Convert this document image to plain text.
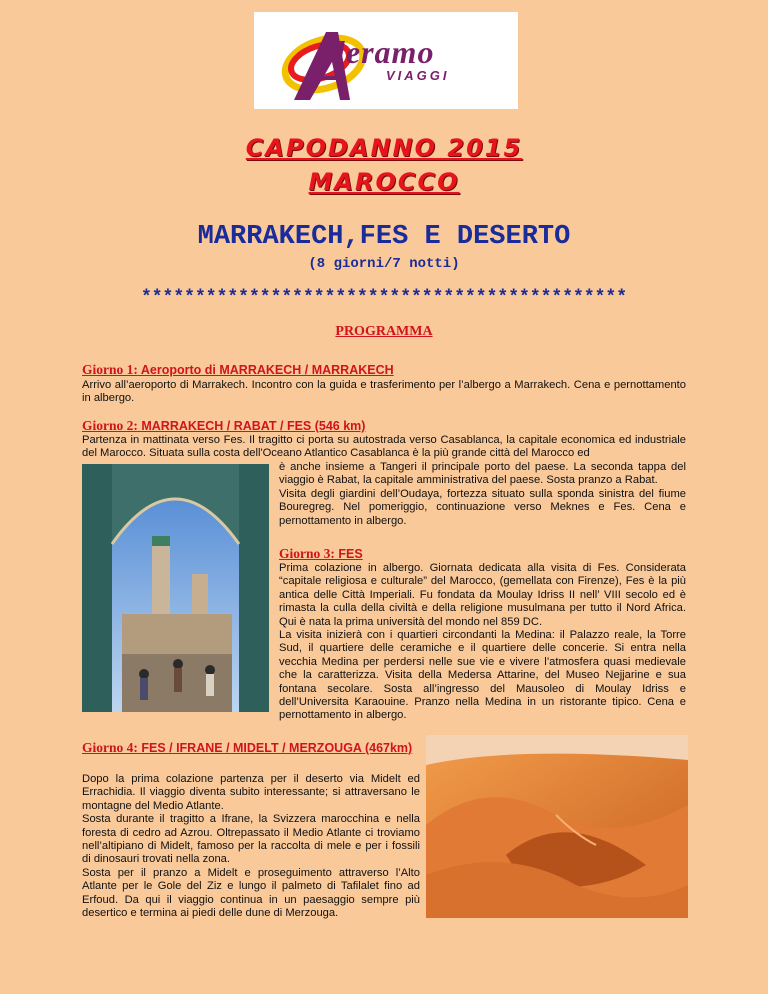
leramo
VIAGGI
CAPODANNO 2015
MAROCCO
MARRAKECH,FES E DESERTO
(8 giorni/7 notti)
*********************************************
PROGRAMMA
Giorno 1: Aeroporto di MARRAKECH / MARRAKECH
Arrivo all’aeroporto di Marrakech. Incontro con la guida e trasferimento per l’albergo a Marrakech. Cena e pernottamento in albergo.
Giorno 2: MARRAKECH / RABAT / FES (546 km)
Partenza in mattinata verso Fes. Il tragitto ci porta su autostrada verso Casablanca, la capitale economica ed industriale del Marocco. Situata sulla costa dell'Oceano Atlantico Casablanca è la più grande città del Marocco ed
è anche insieme a Tangeri il principale porto del paese. La seconda tappa del viaggio è Rabat, la capitale amministrativa del paese. Sosta pranzo a Rabat.
Visita degli giardini dell’Oudaya, fortezza situato sulla sponda sinistra del fiume Bouregreg. Nel pomeriggio, continuazione verso Meknes e Fes. Cena e pernottamento in albergo.
Giorno 3: FES
Prima colazione in albergo. Giornata dedicata alla visita di Fes. Considerata “capitale religiosa e culturale” del Marocco, (gemellata con Firenze), Fes è la più antica delle Città Imperiali. Fu fondata da Moulay Idriss II nell’ VIII secolo ed è rimasta la culla della civiltà e della religione musulmana per tutto il Nord Africa. Qui è nata la prima università del mondo nel 859 DC.
La visita inizierà con i quartieri circondanti la Medina: il Palazzo reale, la Torre Sud, il quartiere delle ceramiche e il quartiere delle concerie. Si entra nella vecchia Medina per perdersi nelle sue vie e vivere l’atmosfera quasi medievale che la caratterizza. Visita della Medersa Attarine, del Museo Nejjarine e sua fontana secolare. Sosta all’ingresso del Mausoleo di Moulay Idriss e dell’Universita Karaouine. Pranzo nella Medina in un ristorante tipico. Cena e pernottamento in albergo.
Giorno 4: FES / IFRANE / MIDELT / MERZOUGA (467km)
Dopo la prima colazione partenza per il deserto via Midelt ed Errachidia. Il viaggio diventa subito interessante; si attraversano le montagne del Medio Atlante.
Sosta durante il tragitto a Ifrane, la Svizzera marocchina e nella foresta di cedro ad Azrou. Oltrepassato il Medio Atlante ci troviamo nell’altipiano di Midelt, famoso per la raccolta di mele e per i fossili di dinosauri trovati nella zona.
Sosta per il pranzo a Midelt e proseguimento attraverso l’Alto Atlante per le Gole del Ziz e lungo il palmeto di Tafilalet fino ad Erfoud. Da qui il viaggio continua in un paesaggio sempre più desertico e termina ai piedi delle dune di Merzouga.
